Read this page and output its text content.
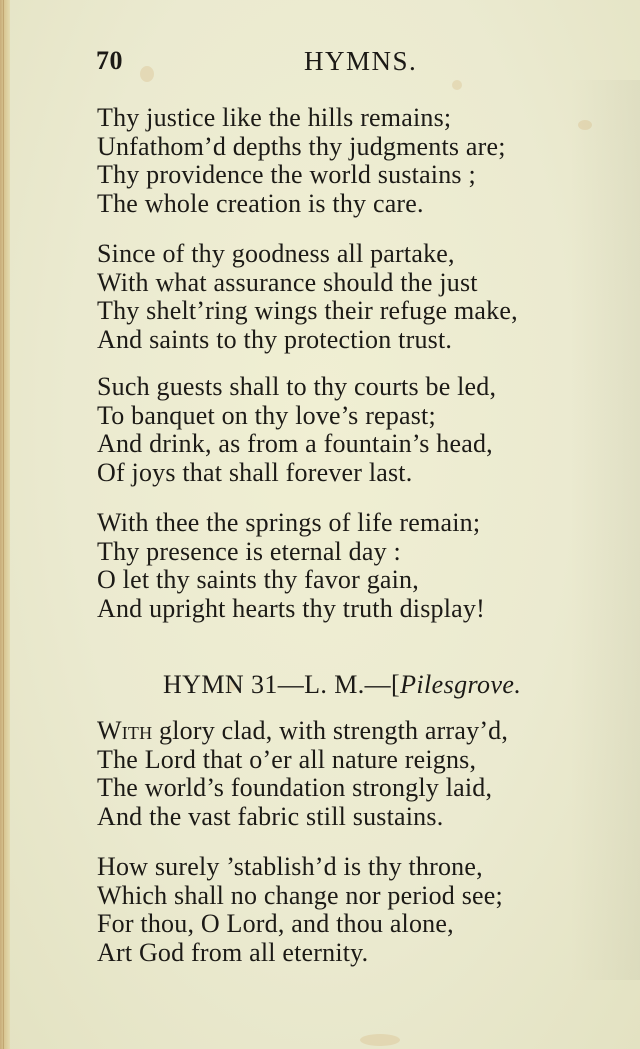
70	HYMNS.
Thy justice like the hills remains;
Unfathom’d depths thy judgments are;
Thy providence the world sustains ;
The whole creation is thy care.
Since of thy goodness all partake,
With what assurance should the just
Thy shelt’ring wings their refuge make,
And saints to thy protection trust.
Such guests shall to thy courts be led,
To banquet on thy love’s repast;
And drink, as from a fountain’s head,
Of joys that shall forever last.
With thee the springs of life remain;
Thy presence is eternal day :
O let thy saints thy favor gain,
And upright hearts thy truth display!
HYMN 31—L. M.—[Pilesgrove.
With glory clad, with strength array’d,
The Lord that o’er all nature reigns,
The world’s foundation strongly laid,
And the vast fabric still sustains.
How surely ’stablish’d is thy throne,
Which shall no change nor period see;
For thou, O Lord, and thou alone,
Art God from all eternity.
